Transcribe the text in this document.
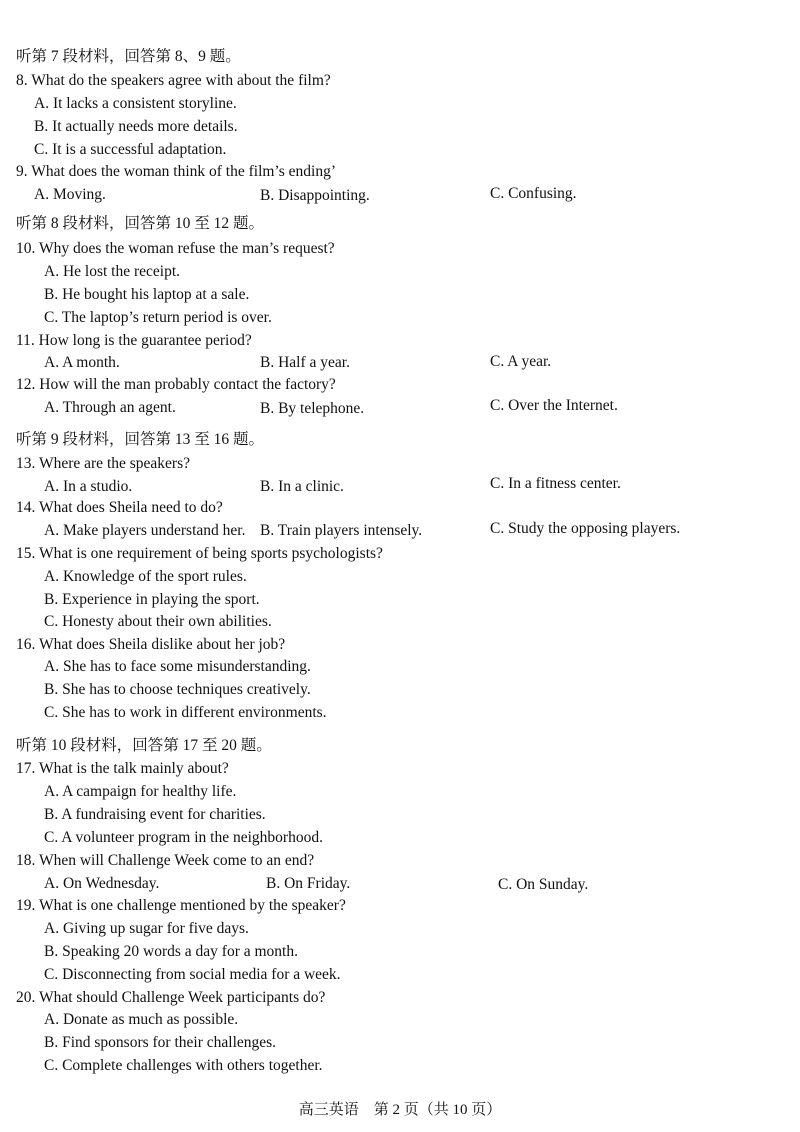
听第 7 段材料，回答第 8、9 题。
8. What do the speakers agree with about the film?
A. It lacks a consistent storyline.
B. It actually needs more details.
C. It is a successful adaptation.
9. What does the woman think of the film’s ending’
A. Moving.	B. Disappointing.	C. Confusing.
听第 8 段材料，回答第 10 至 12 题。
10. Why does the woman refuse the man’s request?
A. He lost the receipt.
B. He bought his laptop at a sale.
C. The laptop’s return period is over.
11. How long is the guarantee period?
A. A month.	B. Half a year.	C. A year.
12. How will the man probably contact the factory?
A. Through an agent.	B. By telephone.	C. Over the Internet.
听第 9 段材料，回答第 13 至 16 题。
13. Where are the speakers?
A. In a studio.	B. In a clinic.	C. In a fitness center.
14. What does Sheila need to do?
A. Make players understand her. B. Train players intensely.	C. Study the opposing players.
15. What is one requirement of being sports psychologists?
A. Knowledge of the sport rules.
B. Experience in playing the sport.
C. Honesty about their own abilities.
16. What does Sheila dislike about her job?
A. She has to face some misunderstanding.
B. She has to choose techniques creatively.
C. She has to work in different environments.
听第 10 段材料，回答第 17 至 20 题。
17. What is the talk mainly about?
A. A campaign for healthy life.
B. A fundraising event for charities.
C. A volunteer program in the neighborhood.
18. When will Challenge Week come to an end?
A. On Wednesday.	B. On Friday.	C. On Sunday.
19. What is one challenge mentioned by the speaker?
A. Giving up sugar for five days.
B. Speaking 20 words a day for a month.
C. Disconnecting from social media for a week.
20. What should Challenge Week participants do?
A. Donate as much as possible.
B. Find sponsors for their challenges.
C. Complete challenges with others together.
高三英语　第 2 页（共 10 页）
